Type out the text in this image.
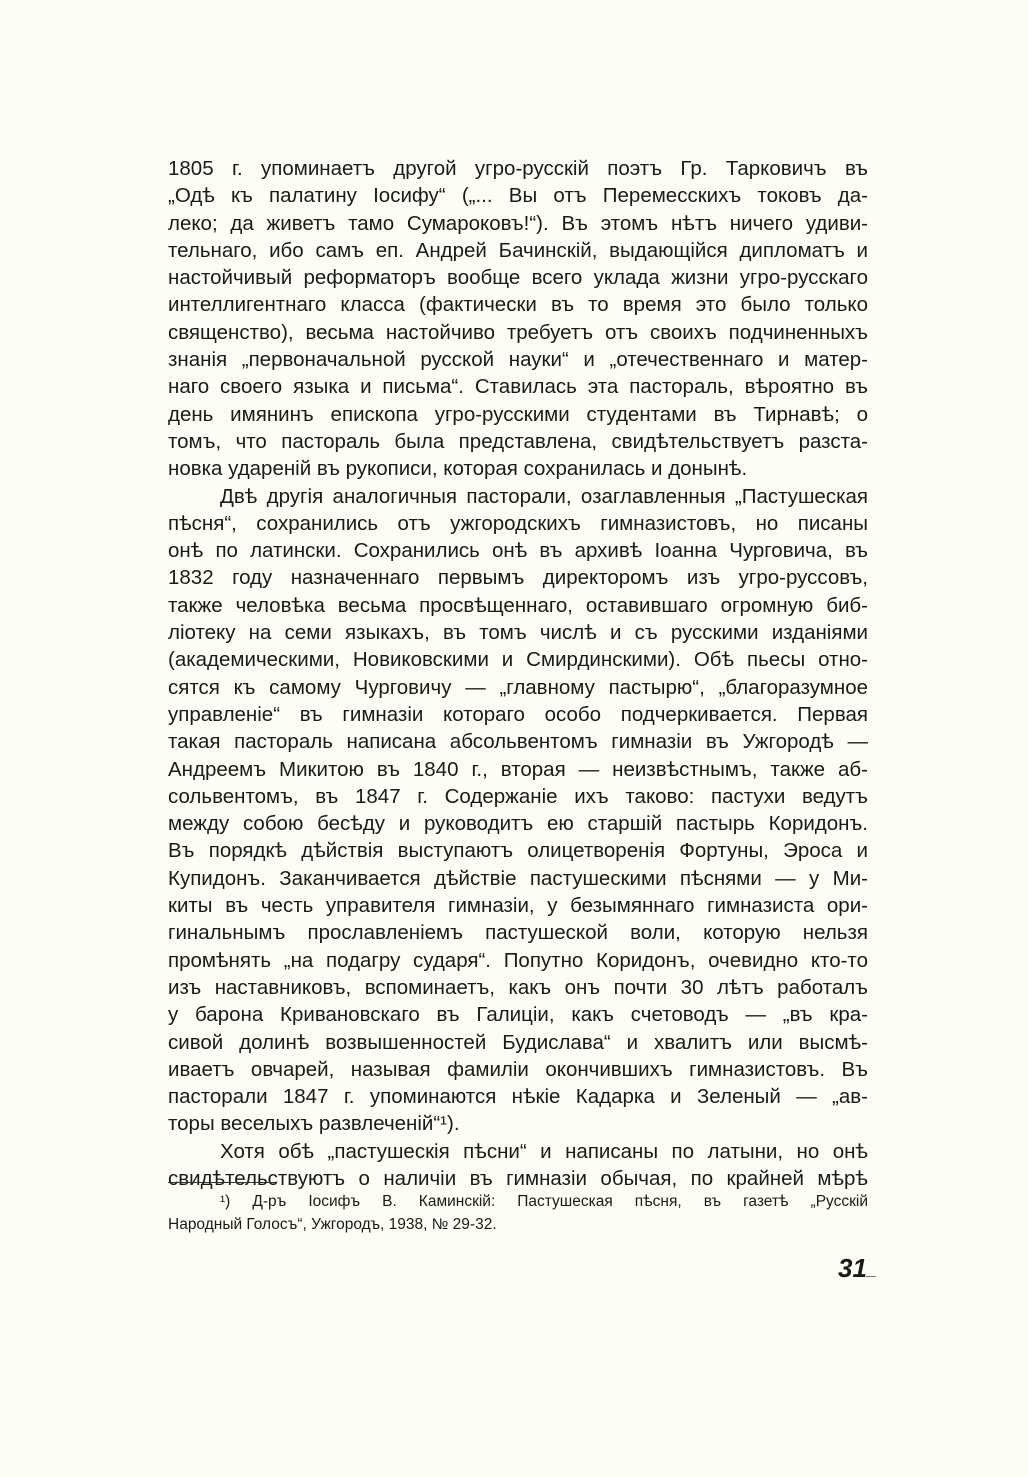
1805 г. упоминаетъ другой угро-русскій поэтъ Гр. Тарковичъ въ
„Одѣ къ палатину Іосифу“ („... Вы отъ Перемесскихъ токовъ да-
леко; да живетъ тамо Сумароковъ!“). Въ этомъ нѣтъ ничего удиви-
тельнаго, ибо самъ еп. Андрей Бачинскій, выдающійся дипломатъ и
настойчивый реформаторъ вообще всего уклада жизни угро-русскаго
интеллигентнаго класса (фактически въ то время это было только
священство), весьма настойчиво требуетъ отъ своихъ подчиненныхъ
знанія „первоначальной русской науки“ и „отечественнаго и матер-
наго своего языка и письма“. Ставилась эта пастораль, вѣроятно въ
день имянинъ епископа угро-русскими студентами въ Тирнавѣ; о
томъ, что пастораль была представлена, свидѣтельствуетъ разста-
новка удареній въ рукописи, которая сохранилась и донынѣ.

Двѣ другія аналогичныя пасторали, озаглавленныя „Пастушеская
пѣсня“, сохранились отъ ужгородскихъ гимназистовъ, но писаны
онѣ по латински. Сохранились онѣ въ архивѣ Іоанна Чурговича, въ
1832 году назначеннаго первымъ директоромъ изъ угро-руссовъ,
также человѣка весьма просвѣщеннаго, оставившаго огромную биб-
ліотеку на семи языкахъ, въ томъ числѣ и съ русскими изданіями
(академическими, Новиковскими и Смирдинскими). Обѣ пьесы отно-
сятся къ самому Чурговичу — „главному пастырю“, „благоразумное
управленіе“ въ гимназіи котораго особо подчеркивается. Первая
такая пастораль написана абсольвентомъ гимназіи въ Ужгородѣ —
Андреемъ Микитою въ 1840 г., вторая — неизвѣстнымъ, также аб-
сольвентомъ, въ 1847 г. Содержаніе ихъ таково: пастухи ведутъ
между собою бесѣду и руководитъ ею старшій пастырь Коридонъ.
Въ порядкѣ дѣйствія выступаютъ олицетворенія Фортуны, Эроса и
Купидонъ. Заканчивается дѣйствіе пастушескими пѣснями — у Ми-
киты въ честь управителя гимназіи, у безымяннаго гимназиста ори-
гинальнымъ прославленіемъ пастушеской воли, которую нельзя
промѣнять „на подагру сударя“. Попутно Коридонъ, очевидно кто-то
изъ наставниковъ, вспоминаетъ, какъ онъ почти 30 лѣтъ работалъ
у барона Кривановскаго въ Галиціи, какъ счетоводъ — „въ кра-
сивой долинѣ возвышенностей Будислава“ и хвалитъ или высмѣ-
иваетъ овчарей, называя фамиліи окончившихъ гимназистовъ. Въ
пасторали 1847 г. упоминаются нѣкіе Кадарка и Зеленый — „ав-
торы веселыхъ развлеченій“¹).

Хотя обѣ „пастушескія пѣсни“ и написаны по латыни, но онѣ
свидѣтельствуютъ о наличіи въ гимназіи обычая, по крайней мѣрѣ

¹) Д-ръ Іосифъ В. Каминскій: Пастушеская пѣсня, въ газетѣ „Русскій
Народный Голосъ“, Ужгородъ, 1938, № 29-32.
31
